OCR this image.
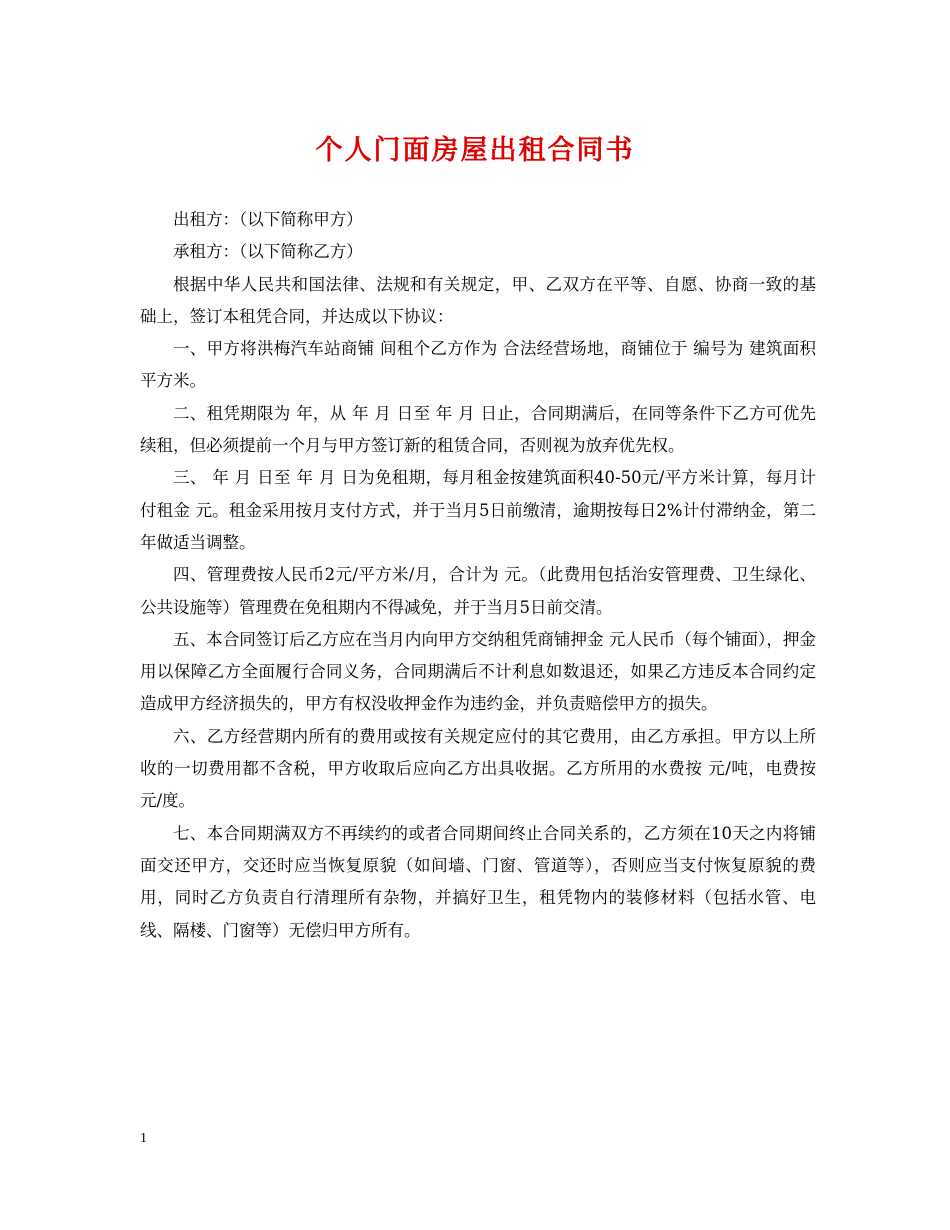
个人门面房屋出租合同书

出租方：（以下简称甲方）

承租方：（以下简称乙方）

根据中华人民共和国法律、法规和有关规定，甲、乙双方在平等、自愿、协商一致的基础上，签订本租凭合同，并达成以下协议：

一、甲方将洪梅汽车站商铺 间租个乙方作为 合法经营场地，商铺位于 编号为 建筑面积 平方米。

二、租凭期限为 年，从 年 月 日至 年 月 日止，合同期满后，在同等条件下乙方可优先续租，但必须提前一个月与甲方签订新的租赁合同，否则视为放弃优先权。

三、 年 月 日至 年 月 日为免租期，每月租金按建筑面积40-50元/平方米计算，每月计付租金 元。租金采用按月支付方式，并于当月5日前缴清，逾期按每日2%计付滞纳金，第二年做适当调整。

四、管理费按人民币2元/平方米/月，合计为 元。（此费用包括治安管理费、卫生绿化、公共设施等）管理费在免租期内不得减免，并于当月5日前交清。

五、本合同签订后乙方应在当月内向甲方交纳租凭商铺押金 元人民币（每个铺面），押金用以保障乙方全面履行合同义务，合同期满后不计利息如数退还，如果乙方违反本合同约定造成甲方经济损失的，甲方有权没收押金作为违约金，并负责赔偿甲方的损失。

六、乙方经营期内所有的费用或按有关规定应付的其它费用，由乙方承担。甲方以上所收的一切费用都不含税，甲方收取后应向乙方出具收据。乙方所用的水费按 元/吨，电费按 元/度。

七、本合同期满双方不再续约的或者合同期间终止合同关系的，乙方须在10天之内将铺面交还甲方，交还时应当恢复原貌（如间墙、门窗、管道等），否则应当支付恢复原貌的费用，同时乙方负责自行清理所有杂物，并搞好卫生，租凭物内的装修材料（包括水管、电线、隔楼、门窗等）无偿归甲方所有。

1
